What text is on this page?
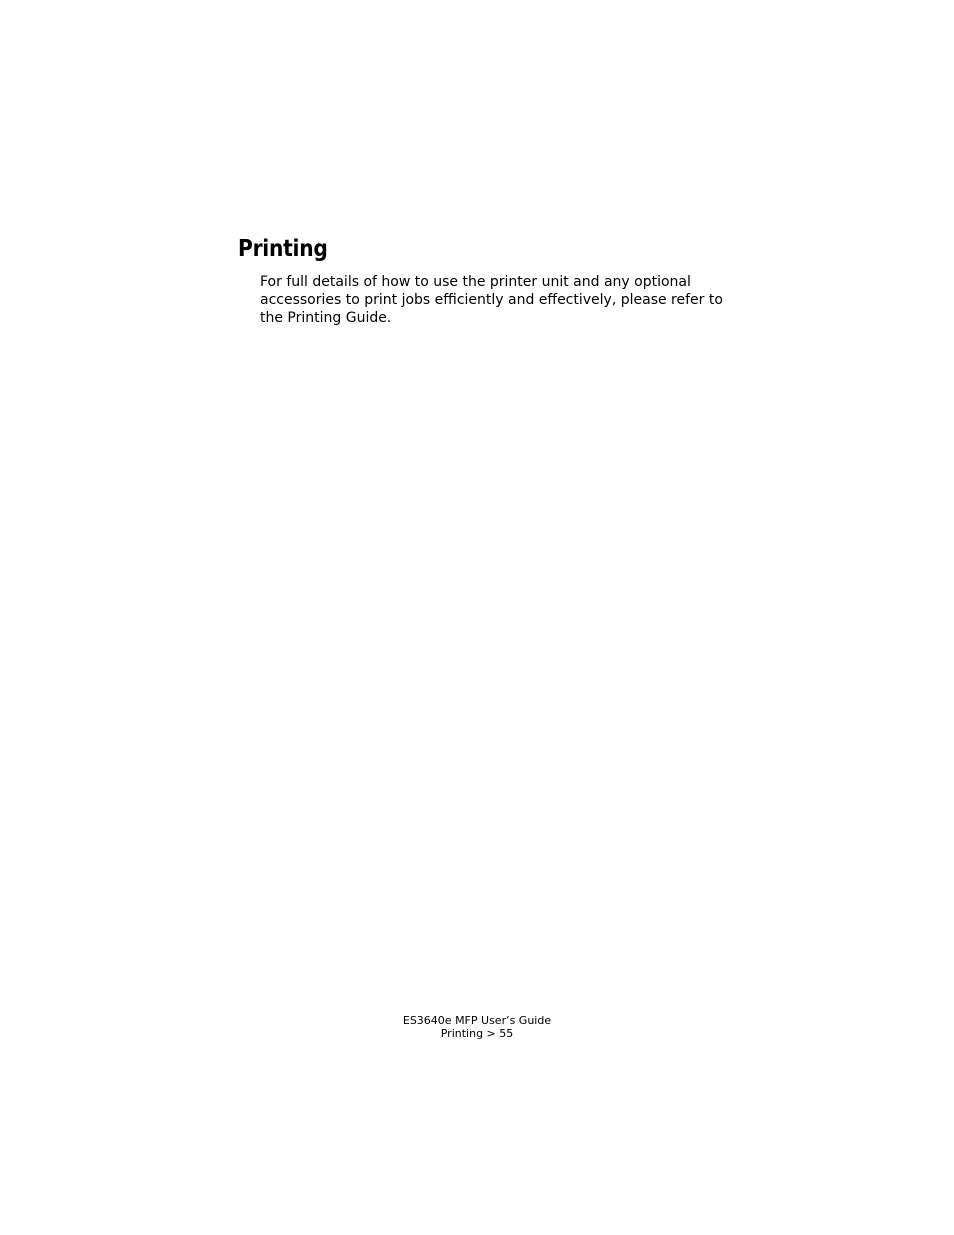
Printing

For full details of how to use the printer unit and any optional
accessories to print jobs efficiently and effectively, please refer to
the Printing Guide.

ES3640e MFP User’s Guide
Printing > 55
